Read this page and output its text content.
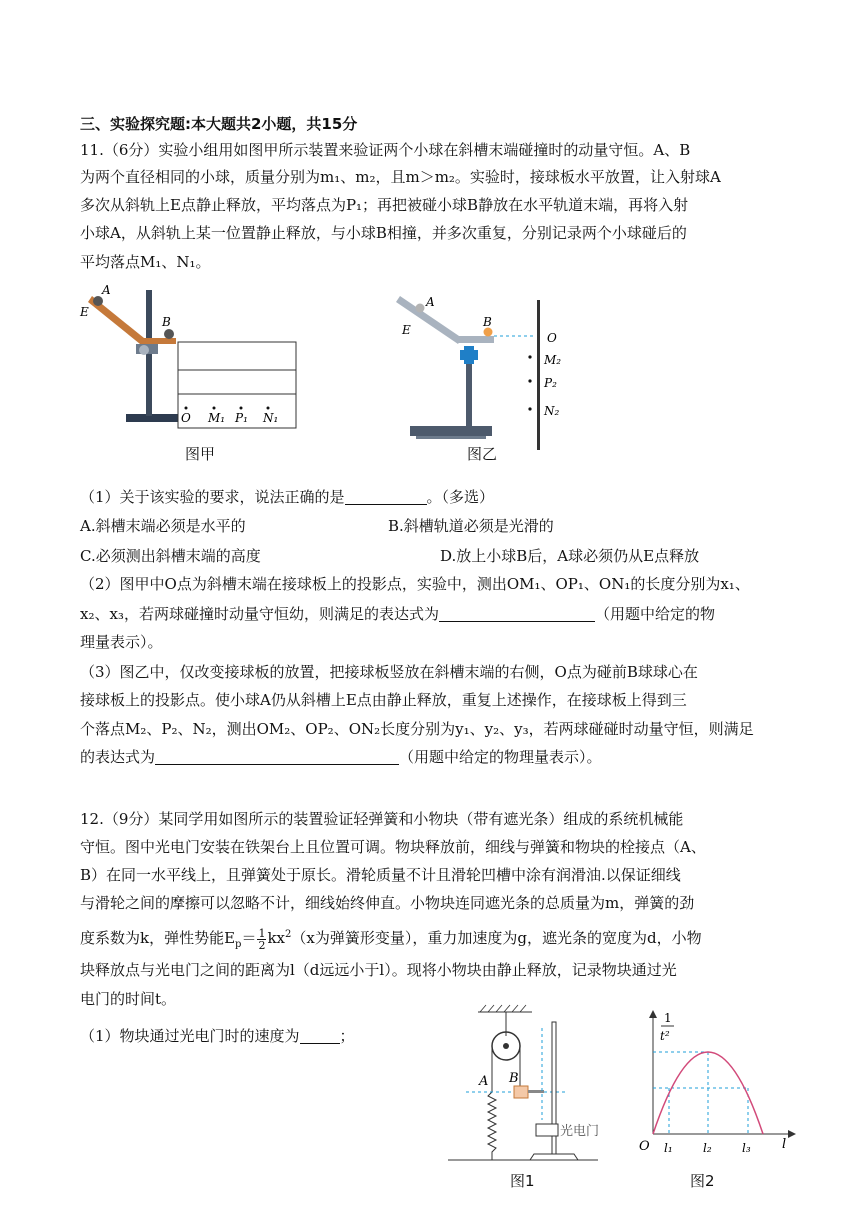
三、实验探究题:本大题共2小题，共15分
11.（6分）实验小组用如图甲所示装置来验证两个小球在斜槽末端碰撞时的动量守恒。A、B
为两个直径相同的小球，质量分别为m₁、m₂，且m＞m₂。实验时，接球板水平放置，让入射球A
多次从斜轨上E点静止释放，平均落点为P₁；再把被碰小球B静放在水平轨道末端，再将入射
小球A，从斜轨上某一位置静止释放，与小球B相撞，并多次重复，分别记录两个小球碰后的
平均落点M₁、N₁。
A
E
B
O M₁ P₁ N₁
图甲
A
E
B
O
M₂
P₂
N₂
图乙
（1）关于该实验的要求，说法正确的是	。（多选）
A.斜槽末端必须是水平的	B.斜槽轨道必须是光滑的
C.必须测出斜槽末端的高度	D.放上小球B后，A球必须仍从E点释放
（2）图甲中O点为斜槽末端在接球板上的投影点，实验中，测出OM₁、OP₁、ON₁的长度分别为x₁、
x₂、x₃，若两球碰撞时动量守恒幼，则满足的表达式为	（用题中给定的物
理量表示）。
（3）图乙中，仅改变接球板的放置，把接球板竖放在斜槽末端的右侧，O点为碰前B球球心在
接球板上的投影点。使小球A仍从斜槽上E点由静止释放，重复上述操作，在接球板上得到三
个落点M₂、P₂、N₂，测出OM₂、OP₂、ON₂长度分别为y₁、y₂、y₃，若两球碰碰时动量守恒，则满足
的表达式为	（用题中给定的物理量表示）。
12.（9分）某同学用如图所示的装置验证轻弹簧和小物块（带有遮光条）组成的系统机械能
守恒。图中光电门安装在铁架台上且位置可调。物块释放前，细线与弹簧和物块的栓接点（A、
B）在同一水平线上，且弹簧处于原长。滑轮质量不计且滑轮凹槽中涂有润滑油.以保证细线
与滑轮之间的摩擦可以忽略不计，细线始终伸直。小物块连同遮光条的总质量为m，弹簧的劲
度系数为k，弹性势能$E_p= \frac{1}{2} kx^2(x$为弹簧形变量），重力加速度为g，遮光条的宽度为d，小物
块释放点与光电门之间的距离为l（d远远小于l）。现将小物块由静止释放，记录物块通过光
电门的时间t。
（1）物块通过光电门时的速度为	；
A B
光电门
图1
1
t²
O l₁	l₂	l₃ l
图2
